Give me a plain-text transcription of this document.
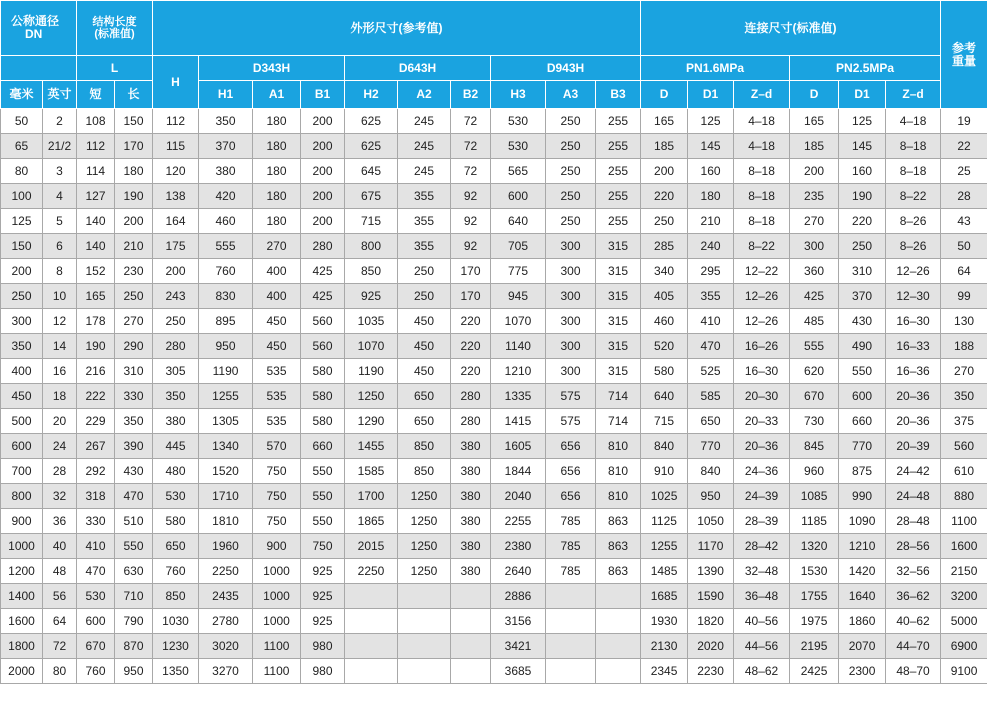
公称通径
DN		结构长度
(标准值)		外形尺寸(参考值)										连接尺寸(标准值)						参考
重量
		L		H	D343H			D643H			D943H			PN1.6MPa			PN2.5MPa			
毫米	英寸	短	长		H1	A1	B1	H2	A2	B2	H3	A3	B3	D	D1	Z–d	D	D1	Z–d	
50	2	108	150	112	350	180	200	625	245	72	530	250	255	165	125	4–18	165	125	4–18	19
65	21/2	112	170	115	370	180	200	625	245	72	530	250	255	185	145	4–18	185	145	8–18	22
80	3	114	180	120	380	180	200	645	245	72	565	250	255	200	160	8–18	200	160	8–18	25
100	4	127	190	138	420	180	200	675	355	92	600	250	255	220	180	8–18	235	190	8–22	28
125	5	140	200	164	460	180	200	715	355	92	640	250	255	250	210	8–18	270	220	8–26	43
150	6	140	210	175	555	270	280	800	355	92	705	300	315	285	240	8–22	300	250	8–26	50
200	8	152	230	200	760	400	425	850	250	170	775	300	315	340	295	12–22	360	310	12–26	64
250	10	165	250	243	830	400	425	925	250	170	945	300	315	405	355	12–26	425	370	12–30	99
300	12	178	270	250	895	450	560	1035	450	220	1070	300	315	460	410	12–26	485	430	16–30	130
350	14	190	290	280	950	450	560	1070	450	220	1140	300	315	520	470	16–26	555	490	16–33	188
400	16	216	310	305	1190	535	580	1190	450	220	1210	300	315	580	525	16–30	620	550	16–36	270
450	18	222	330	350	1255	535	580	1250	650	280	1335	575	714	640	585	20–30	670	600	20–36	350
500	20	229	350	380	1305	535	580	1290	650	280	1415	575	714	715	650	20–33	730	660	20–36	375
600	24	267	390	445	1340	570	660	1455	850	380	1605	656	810	840	770	20–36	845	770	20–39	560
700	28	292	430	480	1520	750	550	1585	850	380	1844	656	810	910	840	24–36	960	875	24–42	610
800	32	318	470	530	1710	750	550	1700	1250	380	2040	656	810	1025	950	24–39	1085	990	24–48	880
900	36	330	510	580	1810	750	550	1865	1250	380	2255	785	863	1125	1050	28–39	1185	1090	28–48	1100
1000	40	410	550	650	1960	900	750	2015	1250	380	2380	785	863	1255	1170	28–42	1320	1210	28–56	1600
1200	48	470	630	760	2250	1000	925	2250	1250	380	2640	785	863	1485	1390	32–48	1530	1420	32–56	2150
1400	56	530	710	850	2435	1000	925				2886			1685	1590	36–48	1755	1640	36–62	3200
1600	64	600	790	1030	2780	1000	925				3156			1930	1820	40–56	1975	1860	40–62	5000
1800	72	670	870	1230	3020	1100	980				3421			2130	2020	44–56	2195	2070	44–70	6900
2000	80	760	950	1350	3270	1100	980				3685			2345	2230	48–62	2425	2300	48–70	9100
